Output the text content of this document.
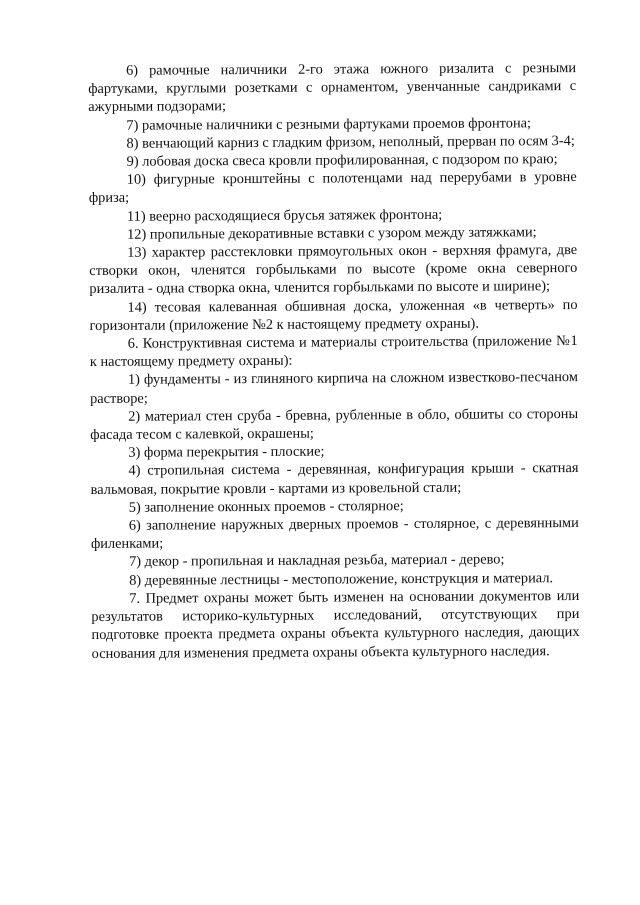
6) рамочные наличники 2-го этажа южного ризалита с резными фартуками, круглыми розетками с орнаментом, увенчанные сандриками с ажурными подзорами;

7) рамочные наличники с резными фартуками проемов фронтона;

8) венчающий карниз с гладким фризом, неполный, прерван по осям 3-4;

9) лобовая доска свеса кровли профилированная, с подзором по краю;

10) фигурные кронштейны с полотенцами над перерубами в уровне фриза;

11) веерно расходящиеся брусья затяжек фронтона;

12) пропильные декоративные вставки с узором между затяжками;

13) характер расстекловки прямоугольных окон - верхняя фрамуга, две створки окон, членятся горбыльками по высоте (кроме окна северного ризалита - одна створка окна, членится горбыльками по высоте и ширине);

14) тесовая калеванная обшивная доска, уложенная «в четверть» по горизонтали (приложение №2 к настоящему предмету охраны).

6. Конструктивная система и материалы строительства (приложение №1 к настоящему предмету охраны):

1) фундаменты - из глиняного кирпича на сложном известково-песчаном растворе;

2) материал стен сруба - бревна, рубленные в обло, обшиты со стороны фасада тесом с калевкой, окрашены;

3) форма перекрытия - плоские;

4) стропильная система - деревянная, конфигурация крыши - скатная вальмовая, покрытие кровли - картами из кровельной стали;

5) заполнение оконных проемов - столярное;

6) заполнение наружных дверных проемов - столярное, с деревянными филенками;

7) декор - пропильная и накладная резьба, материал - дерево;

8) деревянные лестницы - местоположение, конструкция и материал.

7. Предмет охраны может быть изменен на основании документов или результатов историко-культурных исследований, отсутствующих при подготовке проекта предмета охраны объекта культурного наследия, дающих основания для изменения предмета охраны объекта культурного наследия.
